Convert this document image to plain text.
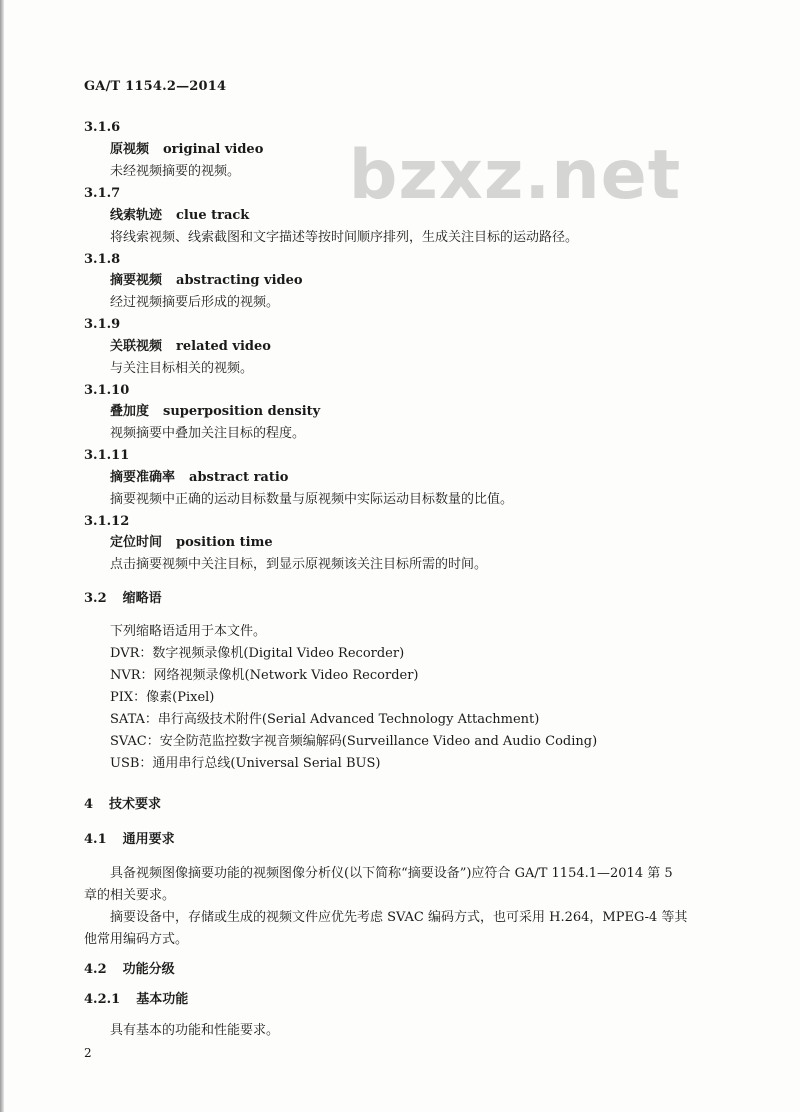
GA/T 1154.2—2014
bzxz.net
3.1.6
原视频 original video
未经视频摘要的视频。
3.1.7
线索轨迹 clue track
将线索视频、线索截图和文字描述等按时间顺序排列，生成关注目标的运动路径。
3.1.8
摘要视频 abstracting video
经过视频摘要后形成的视频。
3.1.9
关联视频 related video
与关注目标相关的视频。
3.1.10
叠加度 superposition density
视频摘要中叠加关注目标的程度。
3.1.11
摘要准确率 abstract ratio
摘要视频中正确的运动目标数量与原视频中实际运动目标数量的比值。
3.1.12
定位时间 position time
点击摘要视频中关注目标，到显示原视频该关注目标所需的时间。
3.2 缩略语
下列缩略语适用于本文件。
DVR：数字视频录像机(Digital Video Recorder)
NVR：网络视频录像机(Network Video Recorder)
PIX：像素(Pixel)
SATA：串行高级技术附件(Serial Advanced Technology Attachment)
SVAC：安全防范监控数字视音频编解码(Surveillance Video and Audio Coding)
USB：通用串行总线(Universal Serial BUS)
4 技术要求
4.1 通用要求
具备视频图像摘要功能的视频图像分析仪(以下简称“摘要设备”)应符合 GA/T 1154.1—2014 第 5
章的相关要求。
摘要设备中，存储或生成的视频文件应优先考虑 SVAC 编码方式，也可采用 H.264，MPEG-4 等其
他常用编码方式。
4.2 功能分级
4.2.1 基本功能
具有基本的功能和性能要求。
2
